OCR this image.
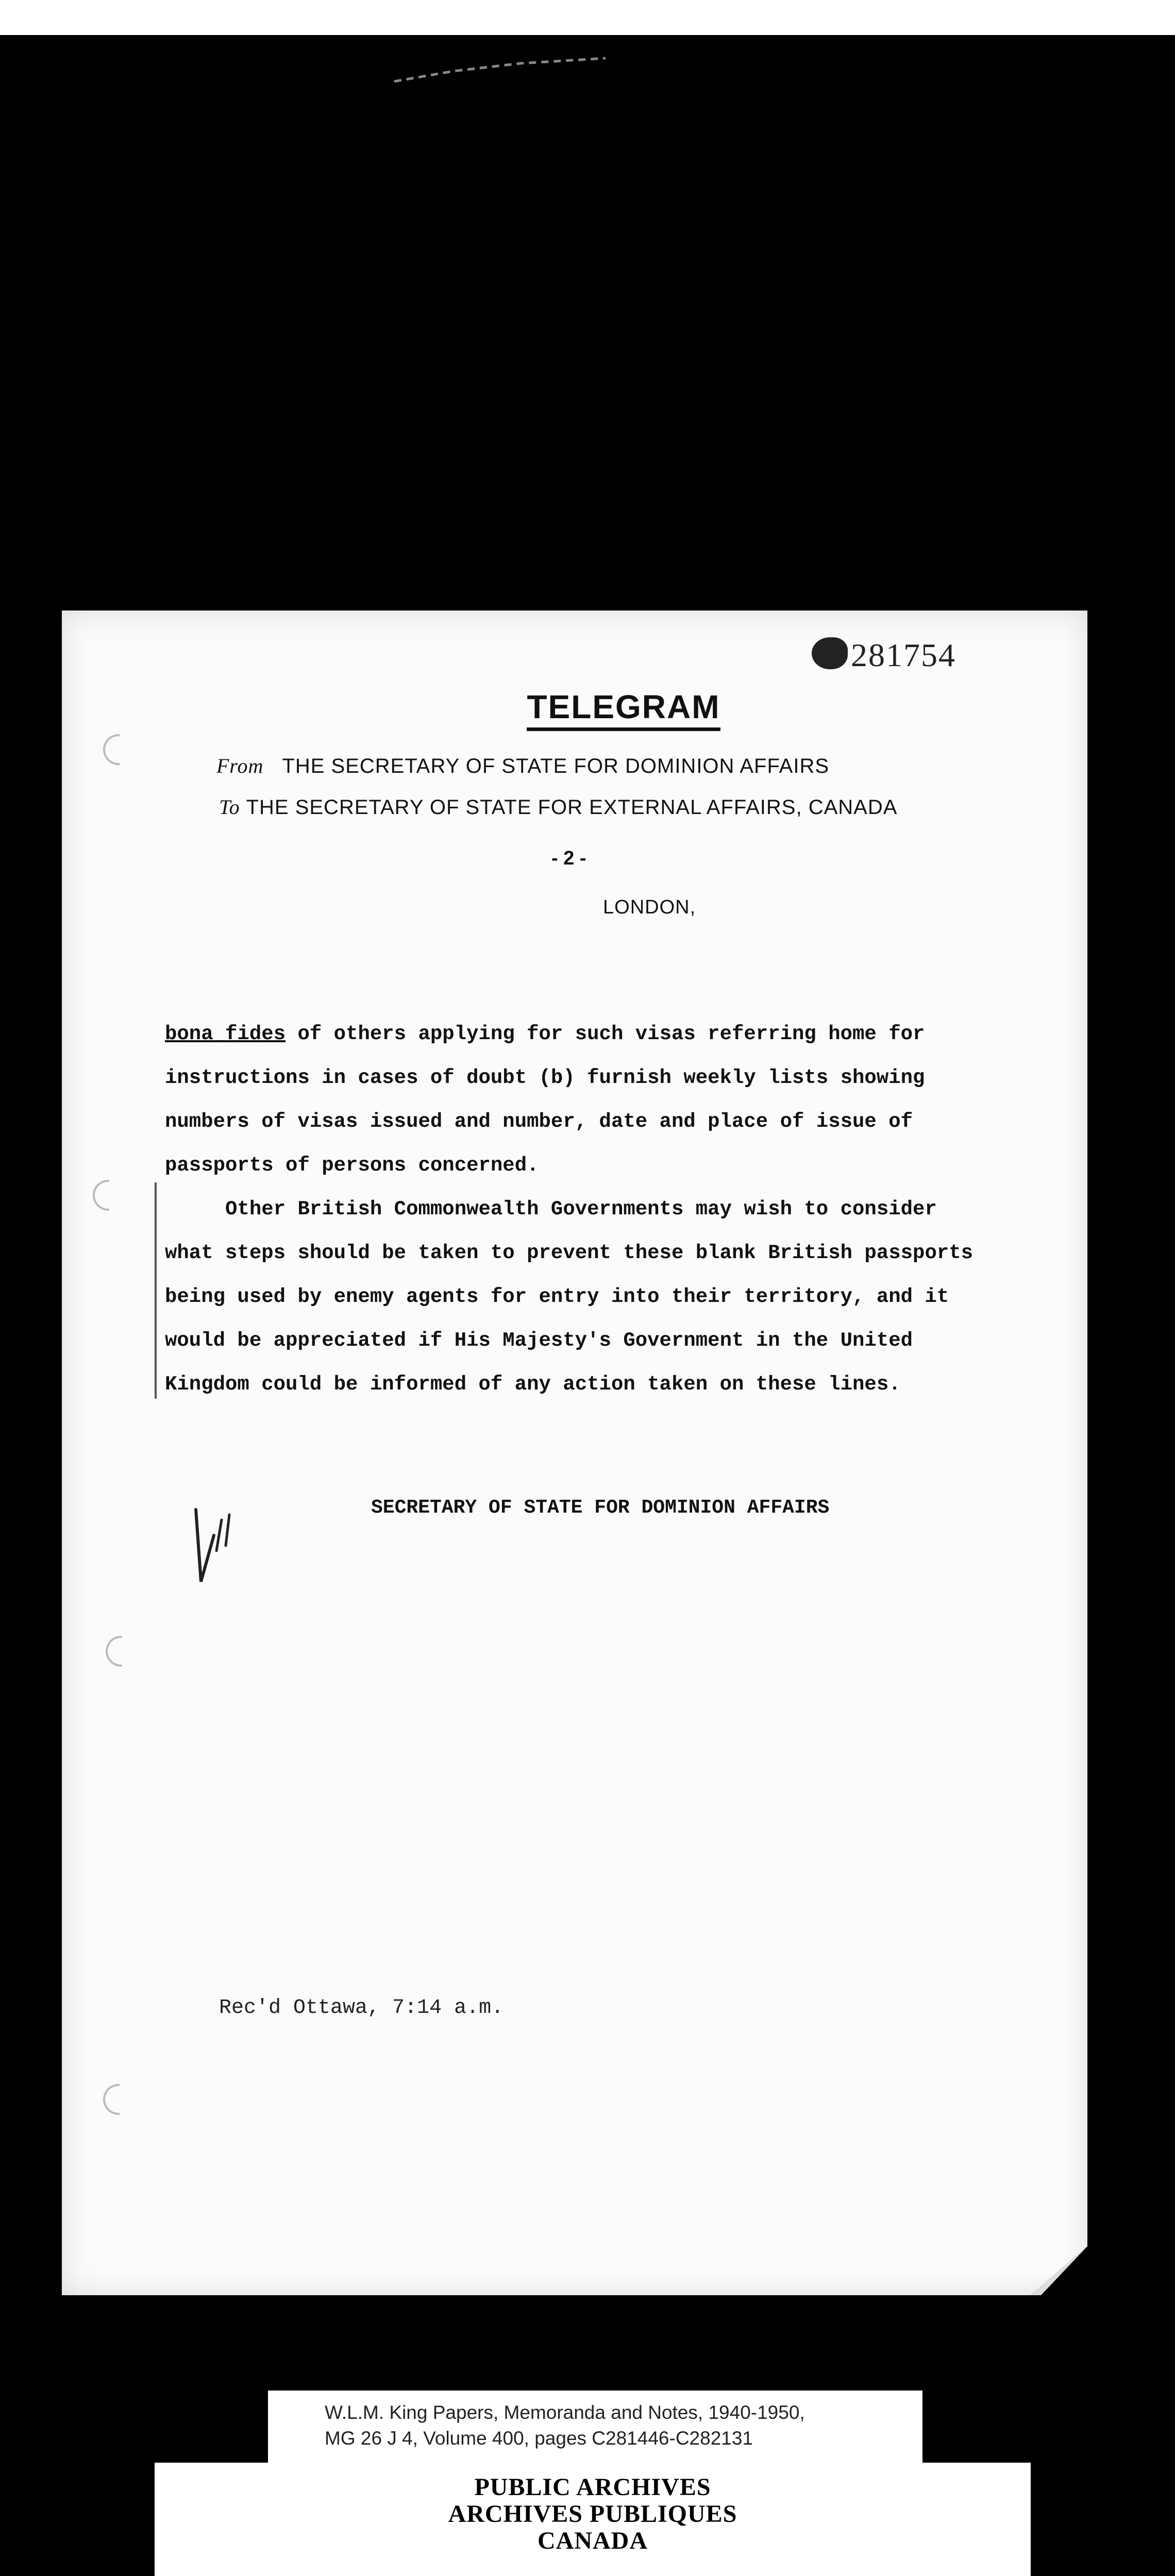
281754
TELEGRAM
From THE SECRETARY OF STATE FOR DOMINION AFFAIRS
To THE SECRETARY OF STATE FOR EXTERNAL AFFAIRS, CANADA
- 2 -
LONDON,
bona fides of others applying for such visas referring home for
instructions in cases of doubt (b) furnish weekly lists showing
numbers of visas issued and number, date and place of issue of
passports of persons concerned.
Other British Commonwealth Governments may wish to consider
what steps should be taken to prevent these blank British passports
being used by enemy agents for entry into their territory, and it
would be appreciated if His Majesty's Government in the United
Kingdom could be informed of any action taken on these lines.
SECRETARY OF STATE FOR DOMINION AFFAIRS
Rec'd Ottawa, 7:14 a.m.
W.L.M. King Papers, Memoranda and Notes, 1940-1950,
MG 26 J 4, Volume 400, pages C281446-C282131
PUBLIC ARCHIVES
ARCHIVES PUBLIQUES
CANADA
